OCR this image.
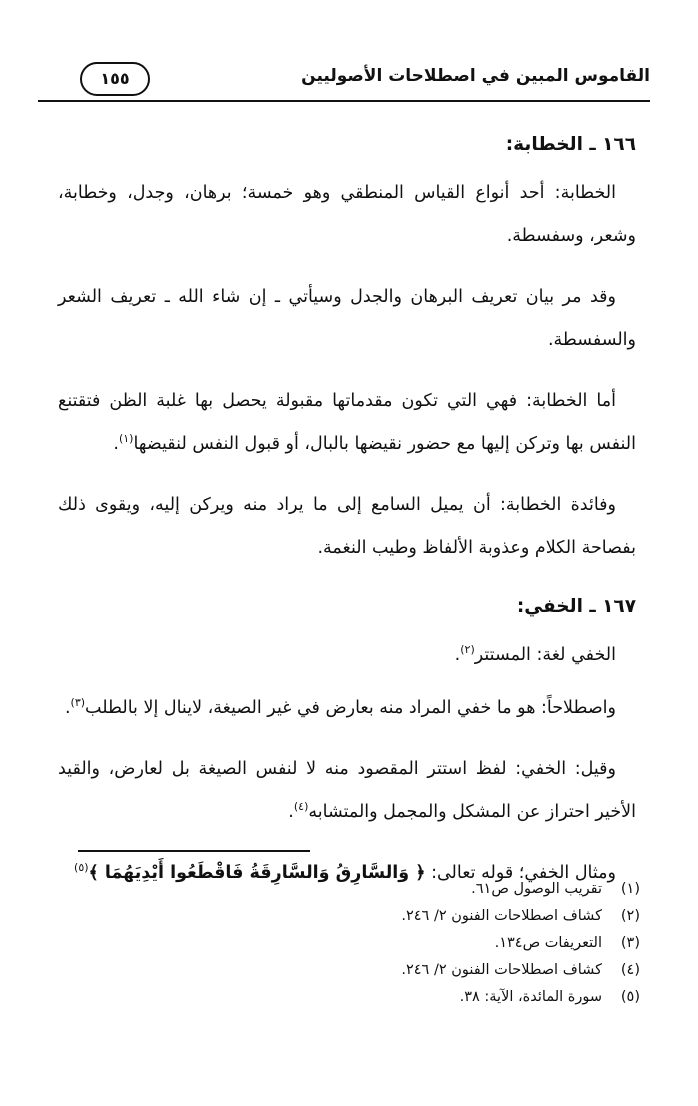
القاموس المبين في اصطلاحات الأصوليين
١٥٥
١٦٦ ـ الخطابة:

الخطابة: أحد أنواع القياس المنطقي وهو خمسة؛ برهان، وجدل، وخطابة، وشعر، وسفسطة.

وقد مر بيان تعريف البرهان والجدل وسيأتي ـ إن شاء الله ـ تعريف الشعر والسفسطة.

أما الخطابة: فهي التي تكون مقدماتها مقبولة يحصل بها غلبة الظن فتقتنع النفس بها وتركن إليها مع حضور نقيضها بالبال، أو قبول النفس لنقيضها$^{(١)}$.

وفائدة الخطابة: أن يميل السامع إلى ما يراد منه ويركن إليه، ويقوى ذلك بفصاحة الكلام وعذوبة الألفاظ وطيب النغمة.

١٦٧ ـ الخفي:

الخفي لغة: المستتر$^{(٢)}$.

واصطلاحاً: هو ما خفي المراد منه بعارض في غير الصيغة، لاينال إلا بالطلب$^{(٣)}$.

وقيل: الخفي: لفظ استتر المقصود منه لا لنفس الصيغة بل لعارض، والقيد الأخير احتراز عن المشكل والمجمل والمتشابه$^{(٤)}$.

ومثال الخفي؛ قوله تعالى: ﴿ وَالسَّارِقُ وَالسَّارِقَةُ فَاقْطَعُوا أَيْدِيَهُمَا ﴾$^{(٥)}$

(١)تقريب الوصول ص٦١.
(٢)كشاف اصطلاحات الفنون ٢/ ٢٤٦.
(٣)التعريفات ص١٣٤.
(٤)كشاف اصطلاحات الفنون ٢/ ٢٤٦.
(٥)سورة المائدة، الآية: ٣٨.
